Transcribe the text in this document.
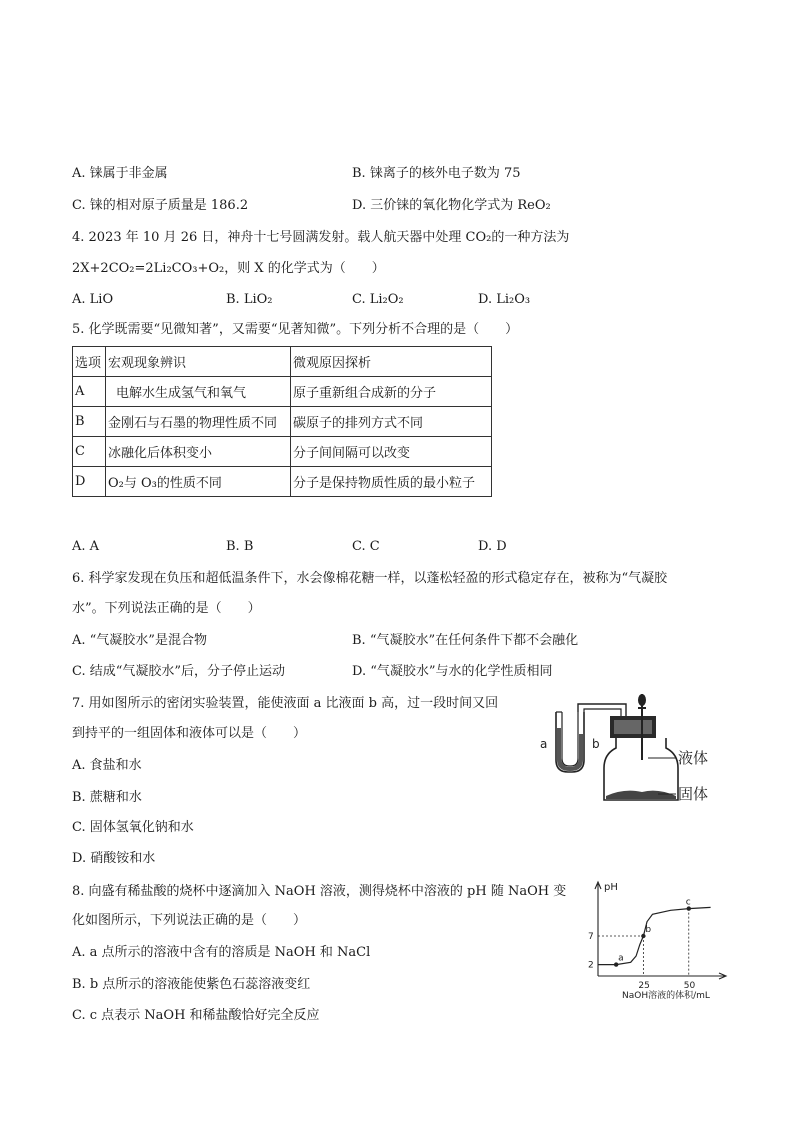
A. 铼属于非金属	B. 铼离子的核外电子数为 75
C. 铼的相对原子质量是 186.2	D. 三价铼的氧化物化学式为 ReO₂
4. 2023 年 10 月 26 日，神舟十七号圆满发射。载人航天器中处理 CO₂的一种方法为
2X+2CO₂=2Li₂CO₃+O₂，则 X 的化学式为（　　）
A. LiO	B. LiO₂	C. Li₂O₂	D. Li₂O₃
5. 化学既需要“见微知著”，又需要“见著知微”。下列分析不合理的是（　　）
选项	宏观现象辨识	微观原因探析
A	电解水生成氢气和氧气	原子重新组合成新的分子
B	金刚石与石墨的物理性质不同	碳原子的排列方式不同
C	冰融化后体积变小	分子间间隔可以改变
D	O₂与 O₃的性质不同	分子是保持物质性质的最小粒子
A. A	B. B	C. C	D. D
6. 科学家发现在负压和超低温条件下，水会像棉花糖一样，以蓬松轻盈的形式稳定存在，被称为“气凝胶
水”。下列说法正确的是（　　）
A. “气凝胶水”是混合物	B. “气凝胶水”在任何条件下都不会融化
C. 结成“气凝胶水”后，分子停止运动	D. “气凝胶水”与水的化学性质相同
7. 用如图所示的密闭实验装置，能使液面 a 比液面 b 高，过一段时间又回
到持平的一组固体和液体可以是（　　）
A. 食盐和水
B. 蔗糖和水
C. 固体氢氧化钠和水
D. 硝酸铵和水
a	b
液体
固体
8. 向盛有稀盐酸的烧杯中逐滴加入 NaOH 溶液，测得烧杯中溶液的 pH 随 NaOH 变
化如图所示，下列说法正确的是（　　）
A. a 点所示的溶液中含有的溶质是 NaOH 和 NaCl
B. b 点所示的溶液能使紫色石蕊溶液变红
C. c 点表示 NaOH 和稀盐酸恰好完全反应
pH
NaOH溶液的体积/mL
2
7
25	50
a
b
c
